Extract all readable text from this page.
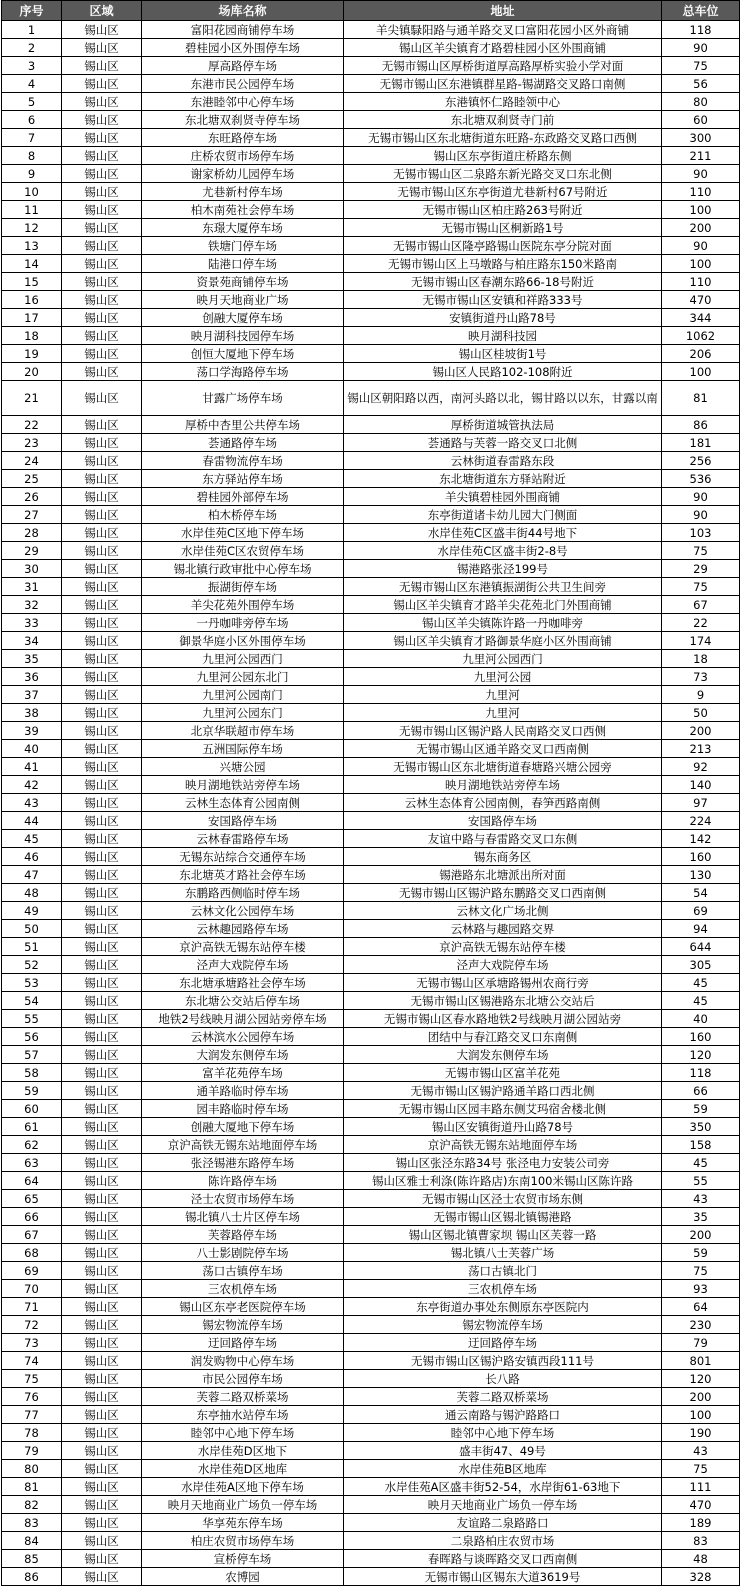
序号	区域	场库名称	地址	总车位
1	锡山区	富阳花园商铺停车场	羊尖镇騄阳路与通羊路交叉口富阳花园小区外商铺	118
2	锡山区	碧桂园小区外围停车场	锡山区羊尖镇育才路碧桂园小区外围商铺	90
3	锡山区	厚高路停车场	无锡市锡山区厚桥街道厚高路厚桥实验小学对面	75
4	锡山区	东港市民公园停车场	无锡市锡山区东港镇群星路-锡湖路交叉路口南侧	56
5	锡山区	东港睦邻中心停车场	东港镇怀仁路睦领中心	80
6	锡山区	东北塘双刹贤寺停车场	东北塘双刹贤寺门前	60
7	锡山区	东旺路停车场	无锡市锡山区东北塘街道东旺路-东政路交叉路口西侧	300
8	锡山区	庄桥农贸市场停车场	锡山区东亭街道庄桥路东侧	211
9	锡山区	谢家桥幼儿园停车场	无锡市锡山区二泉路东新光路交叉口东北侧	90
10	锡山区	尤巷新村停车场	无锡市锡山区东亭街道尤巷新村67号附近	110
11	锡山区	柏木南苑社会停车场	无锡市锡山区柏庄路263号附近	100
12	锡山区	东璟大厦停车场	无锡市锡山区桐新路1号	200
13	锡山区	铁塘门停车场	无锡市锡山区隆亭路锡山医院东亭分院对面	90
14	锡山区	陆港口停车场	无锡市锡山区上马墩路与柏庄路东150米路南	100
15	锡山区	资景苑商铺停车场	无锡市锡山区春潮东路66-18号附近	110
16	锡山区	映月天地商业广场	无锡市锡山区安镇和祥路333号	470
17	锡山区	创融大厦停车场	安镇街道丹山路78号	344
18	锡山区	映月湖科技园停车场	映月湖科技园	1062
19	锡山区	创恒大厦地下停车场	锡山区桂坡街1号	206
20	锡山区	荡口学海路停车场	锡山区人民路102-108附近	100
21	锡山区	甘露广场停车场	锡山区朝阳路以西，南河头路以北，锡甘路以以东，甘露以南	81
22	锡山区	厚桥中杏里公共停车场	厚桥街道城管执法局	86
23	锡山区	荟通路停车场	荟通路与芙蓉一路交叉口北侧	181
24	锡山区	春雷物流停车场	云林街道春雷路东段	256
25	锡山区	东方驿站停车场	东北塘街道东方驿站附近	536
26	锡山区	碧桂园外部停车场	羊尖镇碧桂园外围商铺	90
27	锡山区	柏木桥停车场	东亭街道诸卡幼儿园大门侧面	90
28	锡山区	水岸佳苑C区地下停车场	水岸佳苑C区盛丰街44号地下	103
29	锡山区	水岸佳苑C区农贸停车场	水岸佳苑C区盛丰街2-8号	75
30	锡山区	锡北镇行政审批中心停车场	锡港路张泾199号	29
31	锡山区	振湖街停车场	无锡市锡山区东港镇振湖街公共卫生间旁	75
32	锡山区	羊尖花苑外围停车场	锡山区羊尖镇育才路羊尖花苑北门外围商铺	67
33	锡山区	一丹咖啡旁停车场	锡山区羊尖镇陈许路一丹咖啡旁	22
34	锡山区	御景华庭小区外围停车场	锡山区羊尖镇育才路御景华庭小区外围商铺	174
35	锡山区	九里河公园西门	九里河公园西门	18
36	锡山区	九里河公园东北门	九里河公园	73
37	锡山区	九里河公园南门	九里河	9
38	锡山区	九里河公园东门	九里河	50
39	锡山区	北京华联超市停车场	无锡市锡山区锡沪路人民南路交叉口西侧	200
40	锡山区	五洲国际停车场	无锡市锡山区通羊路交叉口西南侧	213
41	锡山区	兴塘公园	无锡市锡山区东北塘街道春塘路兴塘公园旁	92
42	锡山区	映月湖地铁站旁停车场	映月湖地铁站旁停车场	140
43	锡山区	云林生态体育公园南侧	云林生态体育公园南侧，春笋西路南侧	97
44	锡山区	安国路停车场	安国路停车场	224
45	锡山区	云林春雷路停车场	友谊中路与春雷路交叉口东侧	142
46	锡山区	无锡东站综合交通停车场	锡东商务区	160
47	锡山区	东北塘英才路社会停车场	锡港路东北塘派出所对面	130
48	锡山区	东鹏路西侧临时停车场	无锡市锡山区锡沪路东鹏路交叉口西南侧	54
49	锡山区	云林文化公园停车场	云林文化广场北侧	69
50	锡山区	云林趣园路停车场	云林路与趣园路交界	94
51	锡山区	京沪高铁无锡东站停车楼	京沪高铁无锡东站停车楼	644
52	锡山区	泾声大戏院停车场	泾声大戏院停车场	305
53	锡山区	东北塘承塘路社会停车场	无锡市锡山区承塘路锡州农商行旁	45
54	锡山区	东北塘公交站后停车场	无锡市锡山区锡港路东北塘公交站后	45
55	锡山区	地铁2号线映月湖公园站旁停车场	无锡市锡山区春水路地铁2号线映月湖公园站旁	40
56	锡山区	云林滨水公园停车场	团结中与春江路交叉口东南侧	160
57	锡山区	大润发东侧停车场	大润发东侧停车场	120
58	锡山区	富羊花苑停车场	无锡市锡山区富羊花苑	118
59	锡山区	通羊路临时停车场	无锡市锡山区锡沪路通羊路口西北侧	66
60	锡山区	园丰路临时停车场	无锡市锡山区园丰路东侧艾玛宿舍楼北侧	59
61	锡山区	创融大厦地下停车场	锡山区安镇街道丹山路78号	350
62	锡山区	京沪高铁无锡东站地面停车场	京沪高铁无锡东站地面停车场	158
63	锡山区	张泾锡港东路停车场	锡山区张泾东路34号 张泾电力安装公司旁	45
64	锡山区	陈许路停车场	锡山区雅士利涤(陈许路店)东南100米锡山区陈许路	55
65	锡山区	泾士农贸市场停车场	无锡市锡山区泾士农贸市场东侧	43
66	锡山区	锡北镇八士片区停车场	无锡市锡山区锡北镇锡港路	35
67	锡山区	芙蓉路停车场	锡山区锡北镇曹家坝 锡山区芙蓉一路	200
68	锡山区	八士影剧院停车场	锡北镇八士芙蓉广场	59
69	锡山区	荡口古镇停车场	荡口古镇北门	75
70	锡山区	三农机停车场	三农机停车场	93
71	锡山区	锡山区东亭老医院停车场	东亭街道办事处东侧原东亭医院内	64
72	锡山区	锡宏物流停车场	锡宏物流停车场	230
73	锡山区	迂回路停车场	迂回路停车场	79
74	锡山区	润发购物中心停车场	无锡市锡山区锡沪路安镇西段111号	801
75	锡山区	市民公园停车场	长八路	120
76	锡山区	芙蓉二路双桥菜场	芙蓉二路双桥菜场	200
77	锡山区	东亭抽水站停车场	通云南路与锡沪路路口	100
78	锡山区	睦邻中心地下停车场	睦邻中心地下停车场	190
79	锡山区	水岸佳苑D区地下	盛丰街47、49号	43
80	锡山区	水岸佳苑D区地库	水岸佳苑B区地库	75
81	锡山区	水岸佳苑A区地下停车场	水岸佳苑A区盛丰街52-54，水岸街61-63地下	111
82	锡山区	映月天地商业广场负一停车场	映月天地商业广场负一停车场	470
83	锡山区	华享苑东停车场	友谊路二泉路路口	189
84	锡山区	柏庄农贸市场停车场	二泉路柏庄农贸市场	83
85	锡山区	宣桥停车场	春晖路与谈晖路交叉口西南侧	48
86	锡山区	农博园	无锡市锡山区锡东大道3619号	328
